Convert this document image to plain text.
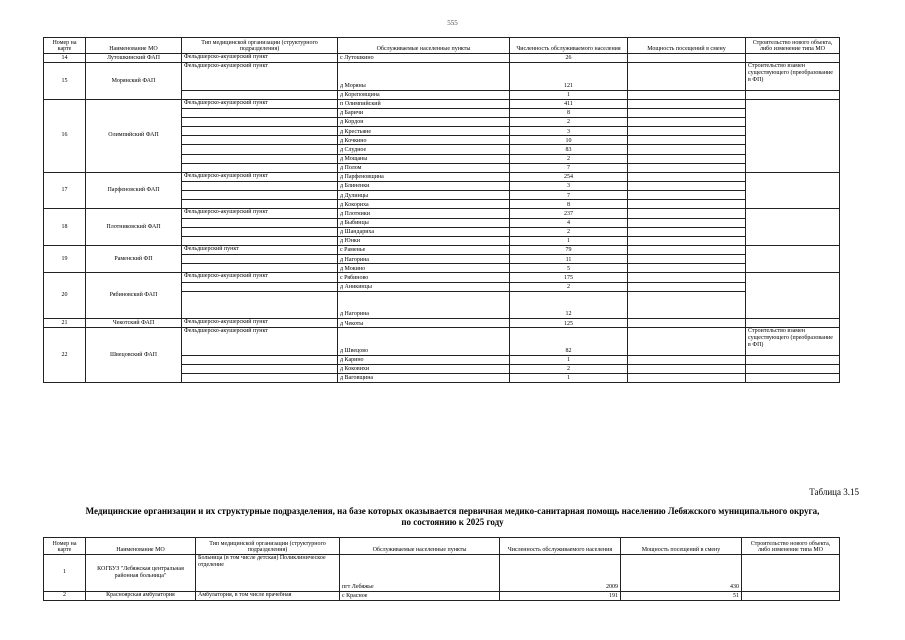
555
Номер на карте	Наименование МО	Тип медицинской организации (структурного подразделения)	Обслуживаемые населенные пункты	Численность обслуживаемого населения	Мощность посещений в смену	Строительство нового объекта, либо изменение типа МО
14	Лутошкинский ФАП	Фельдшерско-акушерский пункт	с Лутошкино	26		
15	Морянский ФАП	Фельдшерско-акушерский пункт	д Моряны	121		Строительство взамен существующего (преобразование в ФП)
			д Кореповщина	1		
16	Олимпийский ФАП	Фельдшерско-акушерский пункт	п Олимпийский	411		
			д Баричи	8		
			д Кордон	2		
			д Крестьяне	3		
			д Кочкино	10		
			д Слудное	83		
			д Мощаны	2		
			д Полом	7		
17	Парфеновский ФАП	Фельдшерско-акушерский пункт	д Парфеновщина	254		
			д Блиненки	3		
			д Дулинцы	7		
			д Кокориха	8		
18	Плотниковский ФАП	Фельдшерско-акушерский пункт	д Плотники	237		
			д Быбинцы	4		
			д Шандариха	2		
			д Юнки	1		
19	Раменский ФП	Фельдшерский пункт	с Раменье	79		
			д Нагорина	11		
			д Мокино	5		
20	Рябиновский ФАП	Фельдшерско-акушерский пункт	с Рябиново	175		
			д Аникинцы	2		
			д Нагорина	12		
21	Чекотский ФАП	Фельдшерско-акушерский пункт	д Чекоты	125		
22	Швецовский ФАП	Фельдшерско-акушерский пункт	д Швецово	82		Строительство взамен существующего (преобразование в ФП)
			д Карино	1		
			д Коковихи	2		
			д Ваговщина	1		
Таблица 3.15
Медицинские организации и их структурные подразделения, на базе которых оказывается первичная медико-санитарная помощь населению Лебяжского муниципального округа, по состоянию к 2025 году
Номер на карте	Наименование МО	Тип медицинской организации (структурного подразделения)	Обслуживаемые населенные пункты	Численность обслуживаемого населения	Мощность посещений в смену	Строительство нового объекта, либо изменение типа МО
1	КОГБУЗ "Лебяжская центральная районная больница"	Больница (в том числе детская) Поликлиническое отделение	пгт Лебяжье	2009	430	
2	Красноярская амбулатория	Амбулатория, в том числе врачебная	с Красное	191	51	
